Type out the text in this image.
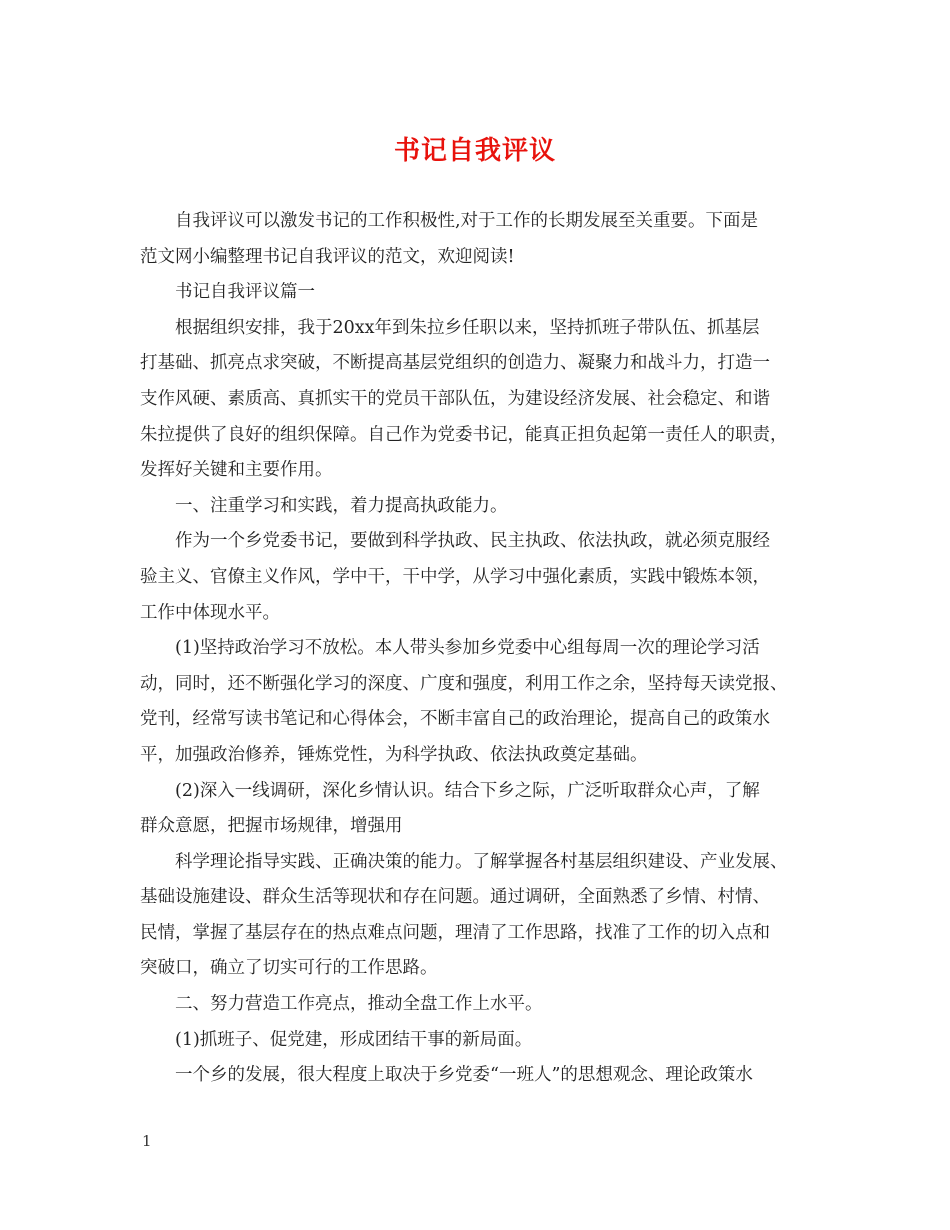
书记自我评议
自我评议可以激发书记的工作积极性,对于工作的长期发展至关重要。下面是
范文网小编整理书记自我评议的范文，欢迎阅读!
书记自我评议篇一
根据组织安排，我于20xx年到朱拉乡任职以来，坚持抓班子带队伍、抓基层
打基础、抓亮点求突破，不断提高基层党组织的创造力、凝聚力和战斗力，打造一
支作风硬、素质高、真抓实干的党员干部队伍，为建设经济发展、社会稳定、和谐
朱拉提供了良好的组织保障。自己作为党委书记，能真正担负起第一责任人的职责，
发挥好关键和主要作用。
一、注重学习和实践，着力提高执政能力。
作为一个乡党委书记，要做到科学执政、民主执政、依法执政，就必须克服经
验主义、官僚主义作风，学中干，干中学，从学习中强化素质，实践中锻炼本领，
工作中体现水平。
(1)坚持政治学习不放松。本人带头参加乡党委中心组每周一次的理论学习活
动，同时，还不断强化学习的深度、广度和强度，利用工作之余，坚持每天读党报、
党刊，经常写读书笔记和心得体会，不断丰富自己的政治理论，提高自己的政策水
平，加强政治修养，锤炼党性，为科学执政、依法执政奠定基础。
(2)深入一线调研，深化乡情认识。结合下乡之际，广泛听取群众心声，了解
群众意愿，把握市场规律，增强用
科学理论指导实践、正确决策的能力。了解掌握各村基层组织建设、产业发展、
基础设施建设、群众生活等现状和存在问题。通过调研，全面熟悉了乡情、村情、
民情，掌握了基层存在的热点难点问题，理清了工作思路，找准了工作的切入点和
突破口，确立了切实可行的工作思路。
二、努力营造工作亮点，推动全盘工作上水平。
(1)抓班子、促党建，形成团结干事的新局面。
一个乡的发展，很大程度上取决于乡党委“一班人”的思想观念、理论政策水
1
